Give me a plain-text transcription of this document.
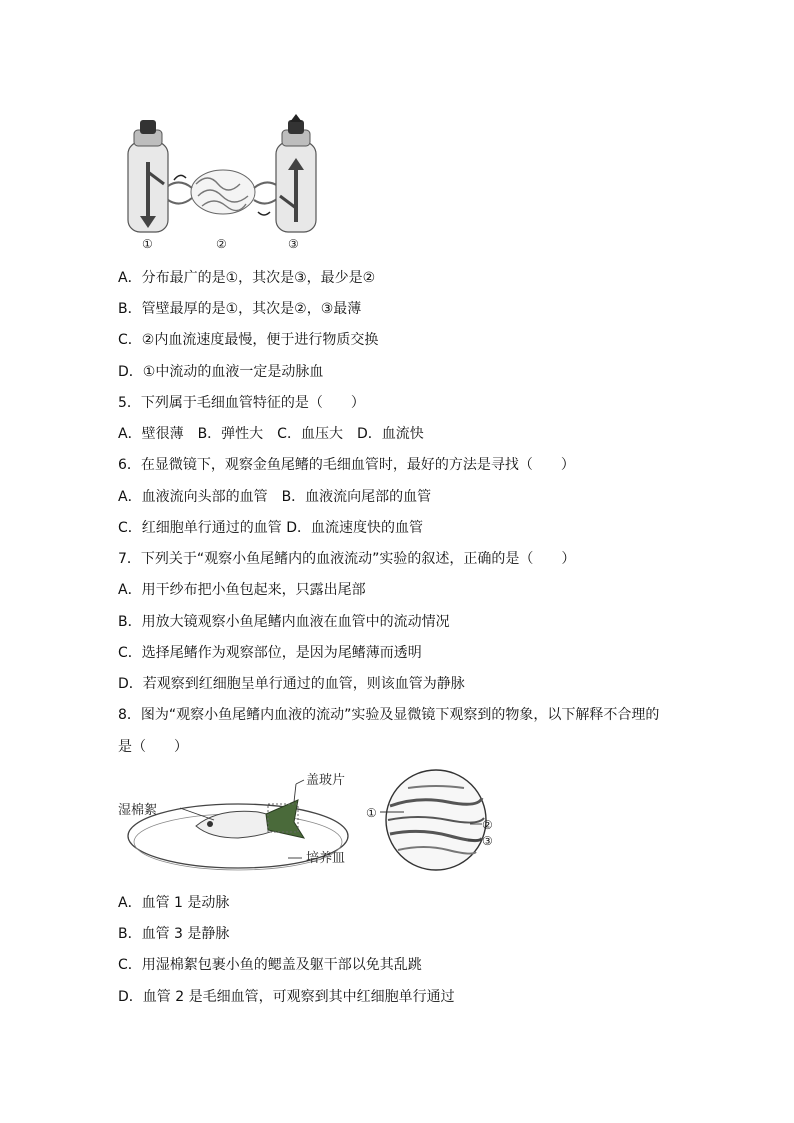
①	②	③
A．分布最广的是①，其次是③，最少是②
B．管壁最厚的是①，其次是②，③最薄
C．②内血流速度最慢，便于进行物质交换
D．①中流动的血液一定是动脉血
5．下列属于毛细血管特征的是（　　）
A．壁很薄　B．弹性大　C．血压大　D．血流快
6．在显微镜下，观察金鱼尾鳍的毛细血管时，最好的方法是寻找（　　）
A．血液流向头部的血管　B．血液流向尾部的血管
C．红细胞单行通过的血管 D．血流速度快的血管
7．下列关于“观察小鱼尾鳍内的血液流动”实验的叙述，正确的是（　　）
A．用干纱布把小鱼包起来，只露出尾部
B．用放大镜观察小鱼尾鳍内血液在血管中的流动情况
C．选择尾鳍作为观察部位，是因为尾鳍薄而透明
D．若观察到红细胞呈单行通过的血管，则该血管为静脉
8．图为“观察小鱼尾鳍内血液的流动”实验及显微镜下观察到的物象，以下解释不合理的
是（　　）
湿棉絮
盖玻片
培养皿
①
②
③
A．血管 1 是动脉
B．血管 3 是静脉
C．用湿棉絮包裹小鱼的鳃盖及躯干部以免其乱跳
D．血管 2 是毛细血管，可观察到其中红细胞单行通过
